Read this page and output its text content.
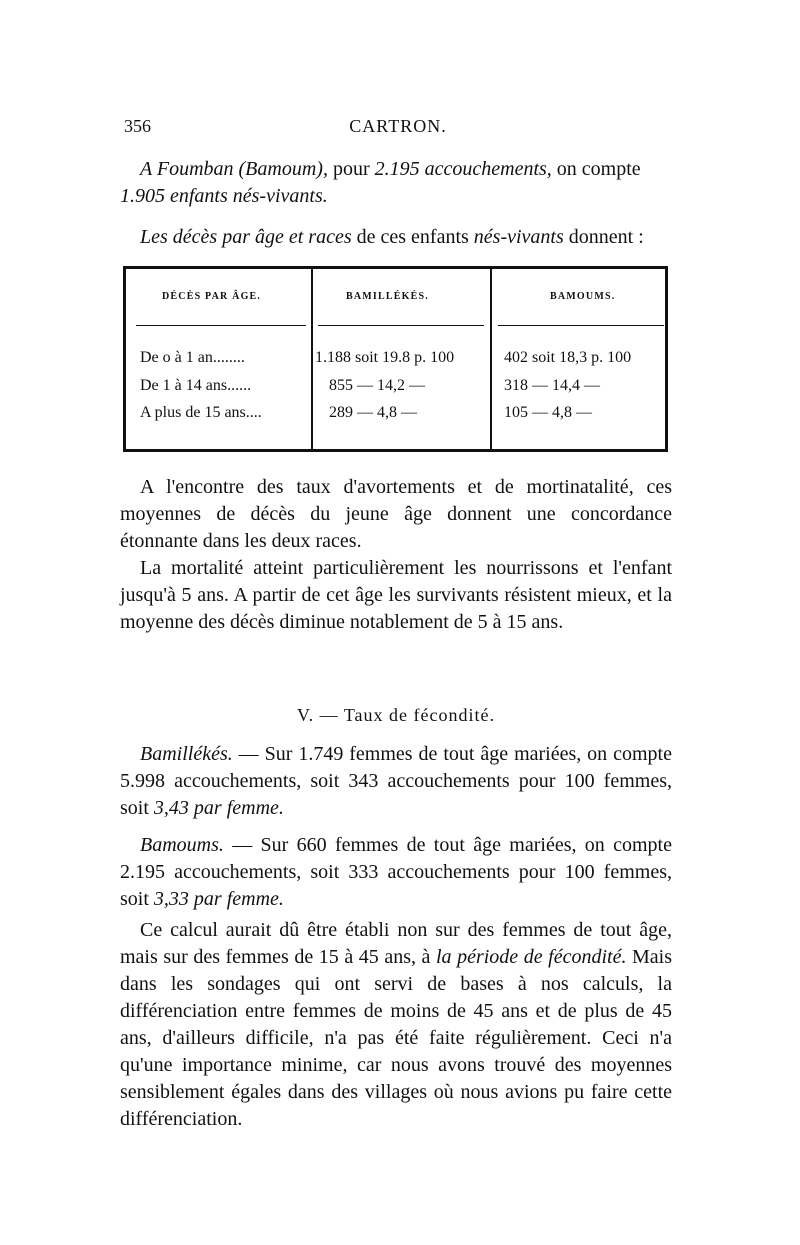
356	CARTRON.
A Foumban (Bamoum), pour 2.195 accouchements, on compte
1.905 enfants nés-vivants.
Les décès par âge et races de ces enfants nés-vivants donnent :
DÉCÈS PAR ÂGE.	BAMILLÉKÉS.	BAMOUMS.
De o à 1 an........	1.188 soit 19.8 p. 100	402 soit 18,3 p. 100
De 1 à 14 ans......	855 — 14,2 —	318 — 14,4 —
A plus de 15 ans....	289 — 4,8 —	105 — 4,8 —
A l'encontre des taux d'avortements et de mortinatalité, ces moyennes de décès du jeune âge donnent une concordance étonnante dans les deux races.
La mortalité atteint particulièrement les nourrissons et l'enfant jusqu'à 5 ans. A partir de cet âge les survivants résistent mieux, et la moyenne des décès diminue notablement de 5 à 15 ans.
V. — Taux de fécondité.
Bamillékés. — Sur 1.749 femmes de tout âge mariées, on compte 5.998 accouchements, soit 343 accouchements pour 100 femmes, soit 3,43 par femme.
Bamoums. — Sur 660 femmes de tout âge mariées, on compte 2.195 accouchements, soit 333 accouchements pour 100 femmes, soit 3,33 par femme.
Ce calcul aurait dû être établi non sur des femmes de tout âge, mais sur des femmes de 15 à 45 ans, à la période de fécondité. Mais dans les sondages qui ont servi de bases à nos calculs, la différenciation entre femmes de moins de 45 ans et de plus de 45 ans, d'ailleurs difficile, n'a pas été faite régulièrement. Ceci n'a qu'une importance minime, car nous avons trouvé des moyennes sensiblement égales dans des villages où nous avions pu faire cette différenciation.
